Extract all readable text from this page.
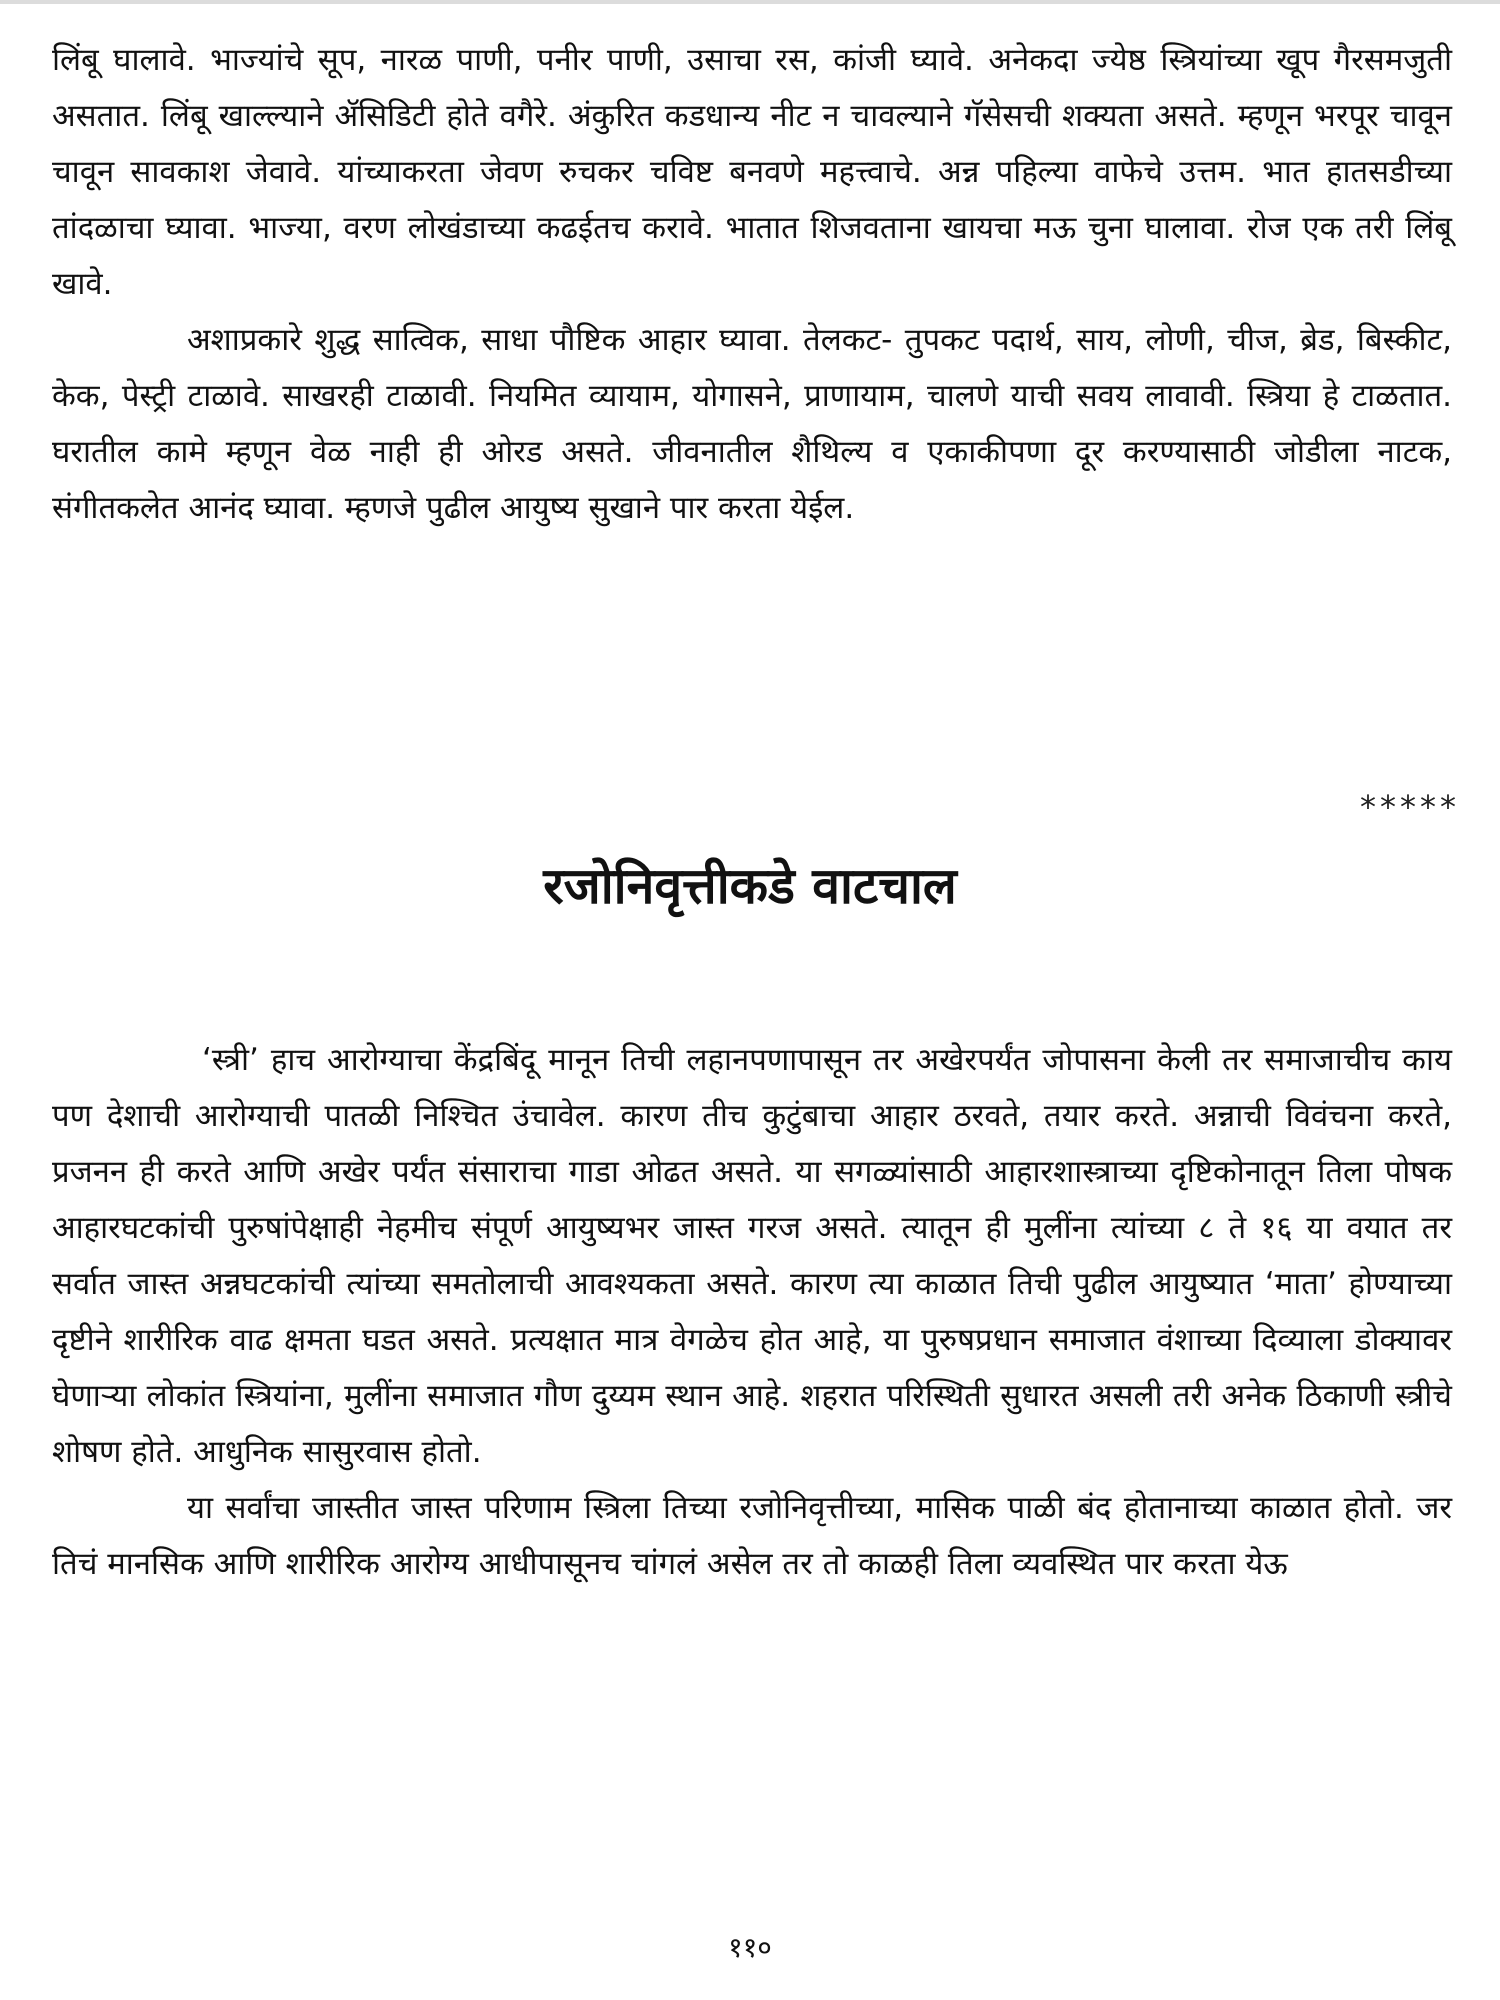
लिंबू घालावे. भाज्यांचे सूप, नारळ पाणी, पनीर पाणी, उसाचा रस, कांजी घ्यावे. अनेकदा ज्येष्ठ स्त्रियांच्या खूप गैरसमजुती असतात. लिंबू खाल्ल्याने ॲसिडिटी होते वगैरे. अंकुरित कडधान्य नीट न चावल्याने गॅसेसची शक्यता असते. म्हणून भरपूर चावून चावून सावकाश जेवावे. यांच्याकरता जेवण रुचकर चविष्ट बनवणे महत्त्वाचे. अन्न पहिल्या वाफेचे उत्तम. भात हातसडीच्या तांदळाचा घ्यावा. भाज्या, वरण लोखंडाच्या कढईतच करावे. भातात शिजवताना खायचा मऊ चुना घालावा. रोज एक तरी लिंबू खावे.

अशाप्रकारे शुद्ध सात्विक, साधा पौष्टिक आहार घ्यावा. तेलकट- तुपकट पदार्थ, साय, लोणी, चीज, ब्रेड, बिस्कीट, केक, पेस्ट्री टाळावे. साखरही टाळावी. नियमित व्यायाम, योगासने, प्राणायाम, चालणे याची सवय लावावी. स्त्रिया हे टाळतात. घरातील कामे म्हणून वेळ नाही ही ओरड असते. जीवनातील शैथिल्य व एकाकीपणा दूर करण्यासाठी जोडीला नाटक, संगीतकलेत आनंद घ्यावा. म्हणजे पुढील आयुष्य सुखाने पार करता येईल.

*****
रजोनिवृत्तीकडे वाटचाल

‘स्त्री’ हाच आरोग्याचा केंद्रबिंदू मानून तिची लहानपणापासून तर अखेरपर्यंत जोपासना केली तर समाजाचीच काय पण देशाची आरोग्याची पातळी निश्चित उंचावेल. कारण तीच कुटुंबाचा आहार ठरवते, तयार करते. अन्नाची विवंचना करते, प्रजनन ही करते आणि अखेर पर्यंत संसाराचा गाडा ओढत असते. या सगळ्यांसाठी आहारशास्त्राच्या दृष्टिकोनातून तिला पोषक आहारघटकांची पुरुषांपेक्षाही नेहमीच संपूर्ण आयुष्यभर जास्त गरज असते. त्यातून ही मुलींना त्यांच्या ८ ते १६ या वयात तर सर्वात जास्त अन्नघटकांची त्यांच्या समतोलाची आवश्यकता असते. कारण त्या काळात तिची पुढील आयुष्यात ‘माता’ होण्याच्या दृष्टीने शारीरिक वाढ क्षमता घडत असते. प्रत्यक्षात मात्र वेगळेच होत आहे, या पुरुषप्रधान समाजात वंशाच्या दिव्याला डोक्यावर घेणाऱ्या लोकांत स्त्रियांना, मुलींना समाजात गौण दुय्यम स्थान आहे. शहरात परिस्थिती सुधारत असली तरी अनेक ठिकाणी स्त्रीचे शोषण होते. आधुनिक सासुरवास होतो.

या सर्वांचा जास्तीत जास्त परिणाम स्त्रिला तिच्या रजोनिवृत्तीच्या, मासिक पाळी बंद होतानाच्या काळात होतो. जर तिचं मानसिक आणि शारीरिक आरोग्य आधीपासूनच चांगलं असेल तर तो काळही तिला व्यवस्थित पार करता येऊ

११०
